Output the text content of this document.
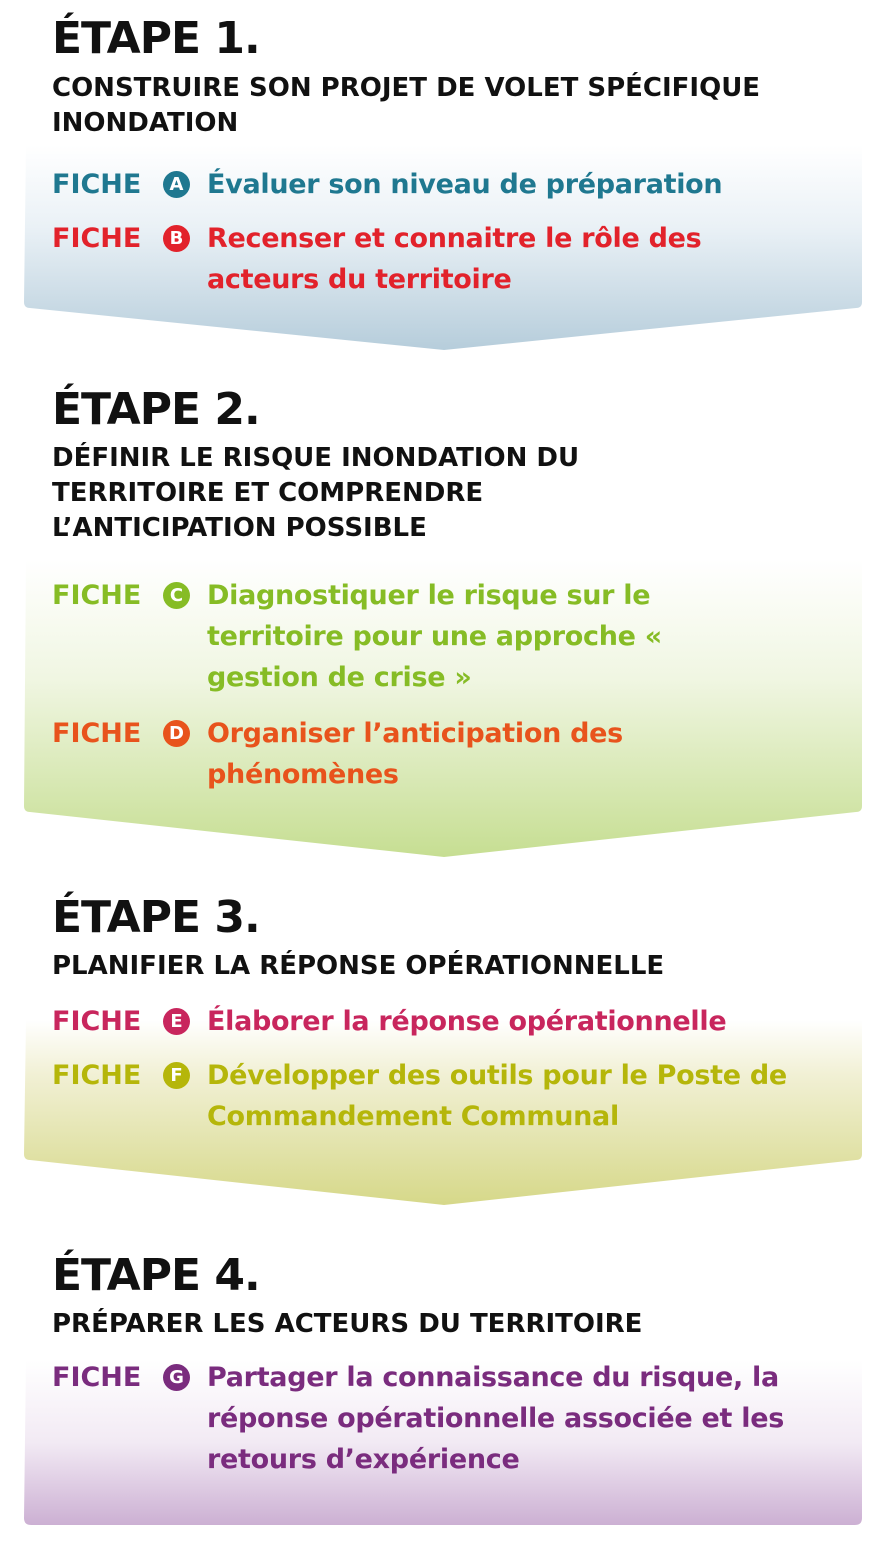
ÉTAPE 1.
CONSTRUIRE SON PROJET DE VOLET SPÉCIFIQUE INONDATION
FICHE	A Évaluer son niveau de préparation
FICHE	B Recenser et connaitre le rôle des acteurs du territoire
ÉTAPE 2.
DÉFINIR LE RISQUE INONDATION DU TERRITOIRE ET COMPRENDRE L’ANTICIPATION POSSIBLE
FICHE	C Diagnostiquer le risque sur le territoire pour une approche « gestion de crise »
FICHE	D Organiser l’anticipation des phénomènes
ÉTAPE 3.
PLANIFIER LA RÉPONSE OPÉRATIONNELLE
FICHE	E Élaborer la réponse opérationnelle
FICHE	F Développer des outils pour le Poste de Commandement Communal
ÉTAPE 4.
PRÉPARER LES ACTEURS DU TERRITOIRE
FICHE	G Partager la connaissance du risque, la réponse opérationnelle associée et les retours d’expérience
